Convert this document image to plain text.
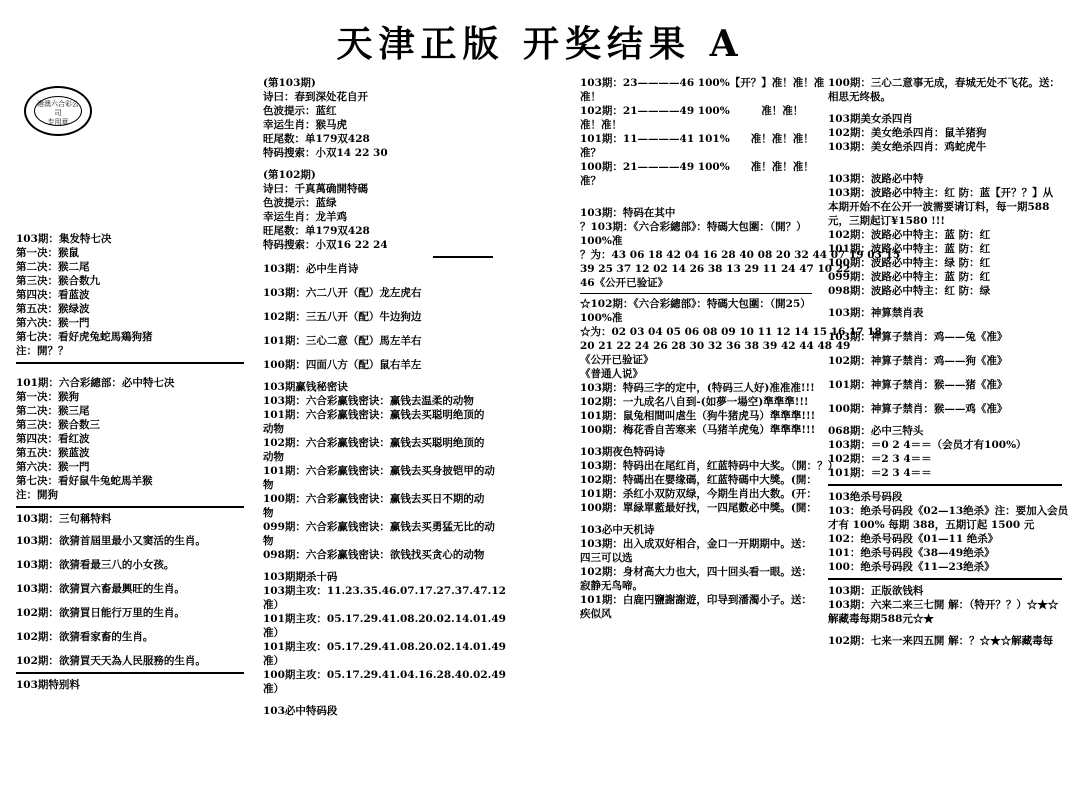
天津正版 开奖结果 A
港澳六合彩公司
专用章
103期：集发特七决
第一决：猴鼠
第二决：猴二尾
第三决：猴合数九
第四决：看蓝波
第五决：猴绿波
第六决：猴一門
第七决：看好虎兔蛇馬鶏狗猪
注：開？？
101期：六合彩總部：必中特七决
第一决：猴狗
第二决：猴三尾
第三决：猴合数三
第四决：看红波
第五决：猴蓝波
第六决：猴一門
第七决：看好鼠牛兔蛇馬羊猴
注：開狗
103期：三句稱特料
103期：欲猜首屆里最小又窦活的生肖。
103期：欲猜看最三八的小女孩。
103期：欲猜買六畜最興旺的生肖。
102期：欲猜買日能行万里的生肖。
102期：欲猜看家畜的生肖。
102期：欲猜買天天為人民服務的生肖。
103期特别料
(第103期)
诗曰：春到深处花自开
色波提示：蓝红
幸运生肖：猴马虎
旺尾数：单179双428
特码搜索：小双14 22 30
(第102期)
诗曰：千真萬确開特碼
色波提示：蓝绿
幸运生肖：龙羊鸡
旺尾数：单179双428
特码搜索：小双16 22 24
103期：必中生肖诗
103期：六二八开（配）龙左虎右
102期：三五八开（配）牛边狗边
101期：三心二意（配）馬左羊右
100期：四面八方（配）鼠右羊左
103期赢钱秘密诀
103期：六合彩赢钱密诀：赢钱去温柔的动物
101期：六合彩赢钱密诀：赢钱去买聪明绝顶的
动物
102期：六合彩赢钱密诀：赢钱去买聪明绝顶的
动物
101期：六合彩赢钱密诀：赢钱去买身披铠甲的动
物
100期：六合彩赢钱密诀：赢钱去买日不期的动
物
099期：六合彩赢钱密诀：赢钱去买勇猛无比的动
物
098期：六合彩赢钱密诀：欲钱找买贪心的动物
103期期杀十码
103期主攻：11.23.35.46.07.17.27.37.47.12
准）
101期主攻：05.17.29.41.08.20.02.14.01.49
准）
101期主攻：05.17.29.41.08.20.02.14.01.49
准）
100期主攻：05.17.29.41.04.16.28.40.02.49
准）
103必中特码段
103期：23————46 100%【开？】准！准！准
准！
102期：21————49 100%　　　准！准！
准！准！
101期：11————41 101%　　准！准！准！
准？
100期：21————49 100%　　准！准！准！
准？
103期：特码在其中
？103期：《六合彩總部》：特碼大包圍：（開？）
100%准
？为：43 06 18 42 04 16 28 40 08 20 32 44 07 19 03 15
39 25 37 12 02 14 26 38 13 29 11 24 47 10 22
46《公开已验证》
☆102期：《六合彩總部》：特碼大包圍：（開25）
100%准
☆为：02 03 04 05 06 08 09 10 11 12 14 15 16 17 18
20 21 22 24 26 28 30 32 36 38 39 42 44 48 49
《公开已验证》
《普通人说》
103期：特码三字的定中，(特码三人好)准准准!!!
102期：一九成名八自到-(如夢一場空)準準準!!!
101期：鼠兔相間叫虐生（狗牛猪虎马）準準準!!!
100期：梅花香自苦寒来（马猪羊虎兔）準準準!!!
103期夜色特码诗
103期：特码出在尾红肖，红蓝特码中大奖。（開：？）
102期：特碼出在婴缘碼，红蓝特碼中大獎。(開：
101期：杀红小双防双绿，今期生肖出大数。(开：
100期：單緑單藍最好找，一四尾數必中獎。(開：
103必中天机诗
103期：出入成双好相合，金口一开期期中。送：
四三可以选
102期：身材高大力也大，四十回头看一眼。送：
寂静无鸟啼。
101期：白鹿円鹽謝謝遊，印导到潘濁小子。送：
疾似风
100期：三心二意事无成，春城无处不飞花。送：
相思无终极。
103期美女杀四肖
102期：美女绝杀四肖：鼠羊猪狗
103期：美女绝杀四肖：鸡蛇虎牛
103期：波路必中特
103期：波路必中特主：红 防：蓝【开？？】从
本期开始不在公开一波需要请订料，每一期588
元，三期起订¥1580 !!!
102期：波路必中特主：蓝 防：红
101期：波路必中特主：蓝 防：红
100期：波路必中特主：绿 防：红
099期：波路必中特主：蓝 防：红
098期：波路必中特主：红 防：绿
103期：神算禁肖表
103期：神算子禁肖：鸡——兔《准》
102期：神算子禁肖：鸡——狗《准》
101期：神算子禁肖：猴——猪《准》
100期：神算子禁肖：猴——鸡《准》
068期：必中三特头
103期：＝0 2 4＝＝（会员才有100%）
102期：＝2 3 4＝＝
101期：＝2 3 4＝＝
103绝杀号码段
103：绝杀号码段《02—13绝杀》注：要加入会员
才有 100% 每期 388，五期订起 1500 元
102：绝杀号码段《01—11 绝杀》
101：绝杀号码段《38—49绝杀》
100：绝杀号码段《11—23绝杀》
103期：正版欲钱料
103期：六来二来三七開 解：（特开？？）☆★☆
解藏毒每期588元☆★
102期：七来一来四五開 解：？☆★☆解藏毒每
